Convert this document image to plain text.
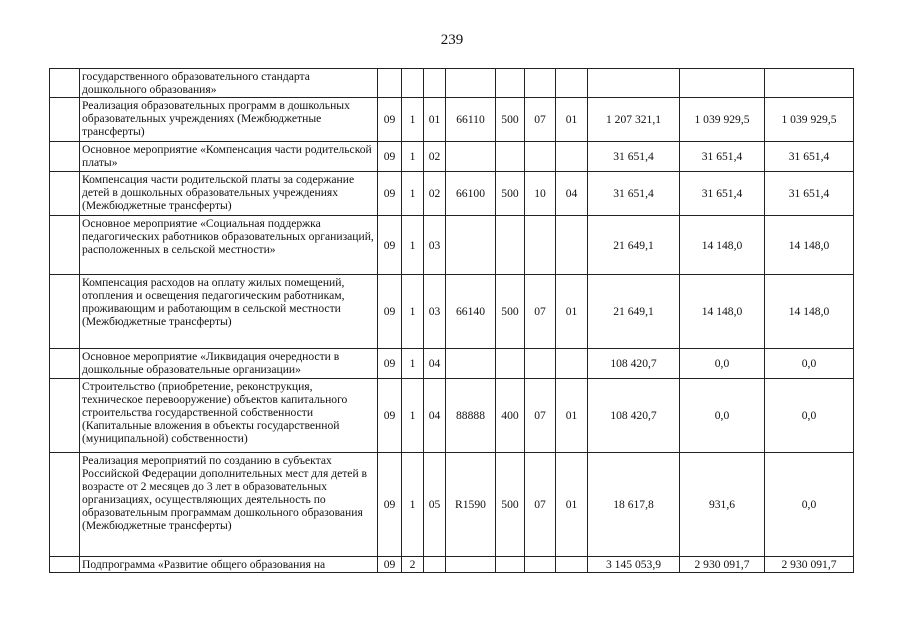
239
	государственного образовательного стандарта дошкольного образования»										
	Реализация образовательных программ в дошкольных образовательных учреждениях (Межбюджетные трансферты)	09	1	01	66110	500	07	01	1 207 321,1	1 039 929,5	1 039 929,5
	Основное мероприятие «Компенсация части родительской платы»	09	1	02					31 651,4	31 651,4	31 651,4
	Компенсация части родительской платы за содержание детей в дошкольных образовательных учреждениях (Межбюджетные трансферты)	09	1	02	66100	500	10	04	31 651,4	31 651,4	31 651,4
	Основное мероприятие «Социальная поддержка педагогических работников образовательных организаций, расположенных в сельской местности»	09	1	03					21 649,1	14 148,0	14 148,0
	Компенсация расходов на оплату жилых помещений, отопления и освещения педагогическим работникам, проживающим и работающим в сельской местности (Межбюджетные трансферты)	09	1	03	66140	500	07	01	21 649,1	14 148,0	14 148,0
	Основное мероприятие «Ликвидация очередности в дошкольные образовательные организации»	09	1	04					108 420,7	0,0	0,0
	Строительство (приобретение, реконструкция, техническое перевооружение) объектов капитального строительства государственной собственности (Капитальные вложения в объекты государственной (муниципальной) собственности)	09	1	04	88888	400	07	01	108 420,7	0,0	0,0
	Реализация мероприятий по созданию в субъектах Российской Федерации дополнительных мест для детей в возрасте от 2 месяцев до 3 лет в образовательных организациях, осуществляющих деятельность по образовательным программам дошкольного образования (Межбюджетные трансферты)	09	1	05	R1590	500	07	01	18 617,8	931,6	0,0
	Подпрограмма «Развитие общего образования на	09	2						3 145 053,9	2 930 091,7	2 930 091,7
